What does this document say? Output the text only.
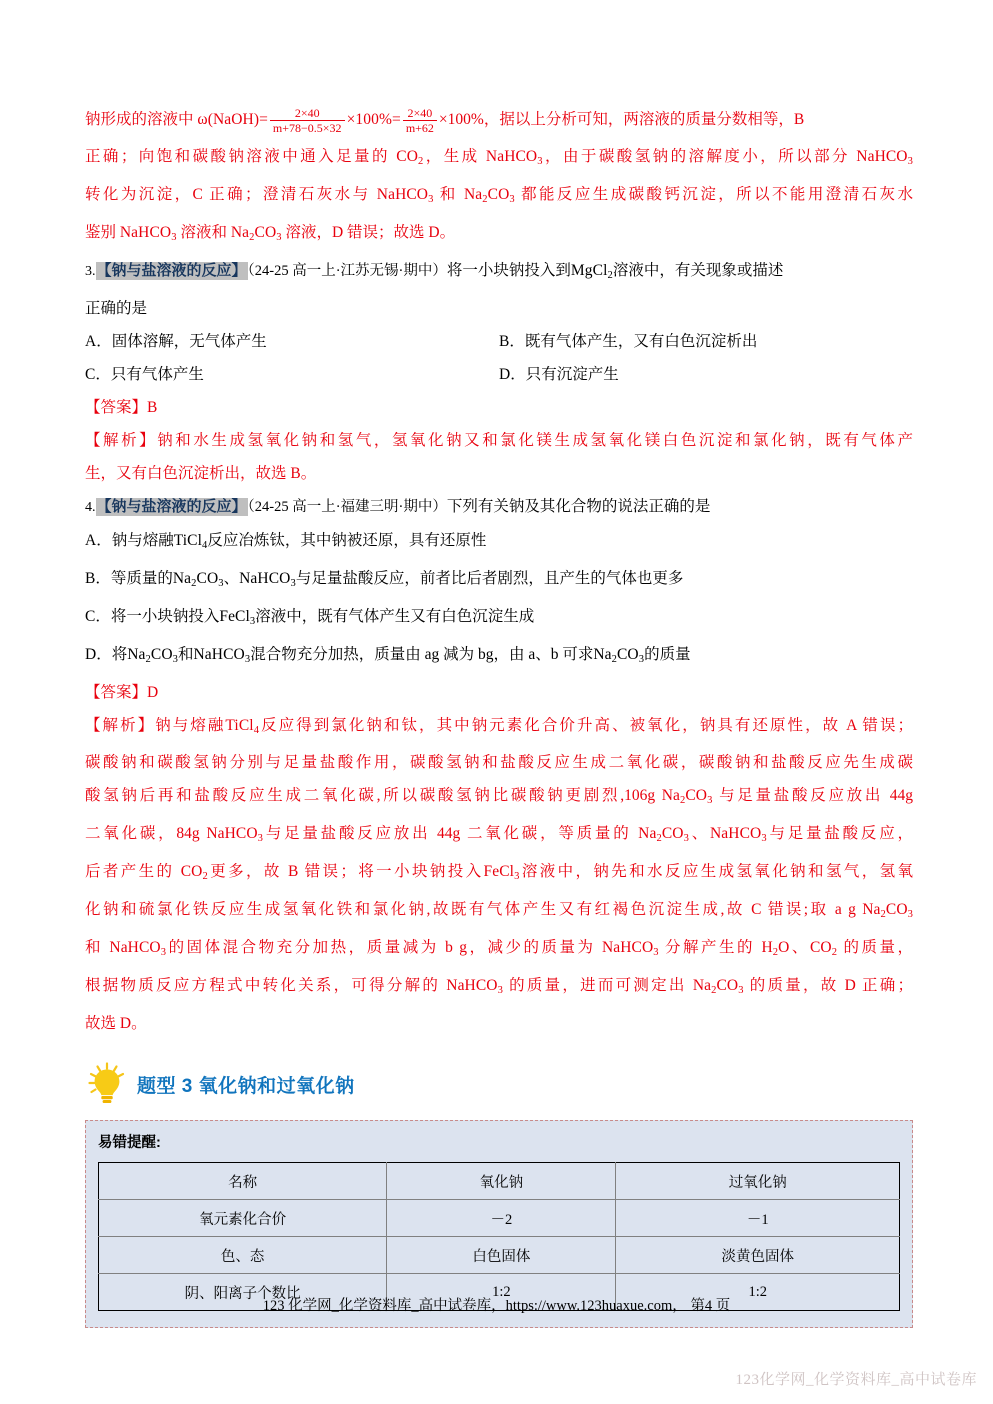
钠形成的溶液中 ω(NaOH)= $\frac{2\times 40}{m+78-0.5\times 32} \times 100\%= \frac{2\times 40}{m+62} \times 100\%$，据以上分析可知，两溶液的质量分数相等，B
正确；向饱和碳酸钠溶液中通入足量的 $CO_2$，生成 NaHCO$_3$，由于碳酸氢钠的溶解度小，所以部分 NaHCO$_3$
转化为沉淀，C 正确；澄清石灰水与 NaHCO$_3$ 和 $Na_2CO_3$ 都能反应生成碳酸钙沉淀，所以不能用澄清石灰水
鉴别 NaHCO$_3$ 溶液和 $Na_2CO_3$ 溶液，D 错误；故选 D。
3.【钠与盐溶液的反应】（24-25 高一上·江苏无锡·期中）将一小块钠投入到MgCl$_2$溶液中，有关现象或描述
正确的是
A．固体溶解，无气体产生	B．既有气体产生，又有白色沉淀析出
C．只有气体产生	D．只有沉淀产生
【答案】B
【解析】钠和水生成氢氧化钠和氢气，氢氧化钠又和氯化镁生成氢氧化镁白色沉淀和氯化钠，既有气体产
生，又有白色沉淀析出，故选 B。
4.【钠与盐溶液的反应】（24-25 高一上·福建三明·期中）下列有关钠及其化合物的说法正确的是
A．钠与熔融TiCl$_4$反应冶炼钛，其中钠被还原，具有还原性
B．等质量的$Na_2CO_3$、NaHCO$_3$与足量盐酸反应，前者比后者剧烈，且产生的气体也更多
C．将一小块钠投入FeCl$_3$溶液中，既有气体产生又有白色沉淀生成
D．将$Na_2CO_3$和NaHCO$_3$混合物充分加热，质量由 ag 减为 bg，由 a、b 可求$Na_2CO_3$的质量
【答案】D
【解析】钠与熔融TiCl$_4$反应得到氯化钠和钛，其中钠元素化合价升高、被氧化，钠具有还原性，故 A 错误；
碳酸钠和碳酸氢钠分别与足量盐酸作用，碳酸氢钠和盐酸反应生成二氧化碳，碳酸钠和盐酸反应先生成碳
酸氢钠后再和盐酸反应生成二氧化碳,所以碳酸氢钠比碳酸钠更剧烈,106g $Na_2CO_3$ 与足量盐酸反应放出 44g
二氧化碳，84g NaHCO$_3$与足量盐酸反应放出 44g 二氧化碳，等质量的 $Na_2CO_3$、NaHCO$_3$与足量盐酸反应，
后者产生的 $CO_2$更多，故 B 错误；将一小块钠投入FeCl$_3$溶液中，钠先和水反应生成氢氧化钠和氢气，氢氧
化钠和硫氯化铁反应生成氢氧化铁和氯化钠,故既有气体产生又有红褐色沉淀生成,故 C 错误;取 a g $Na_2CO_3$
和 NaHCO$_3$的固体混合物充分加热，质量减为 b g，减少的质量为 NaHCO$_3$ 分解产生的 $H_2O$、$CO_2$ 的质量，
根据物质反应方程式中转化关系，可得分解的 NaHCO$_3$ 的质量，进而可测定出 $Na_2CO_3$ 的质量，故 D 正确；
故选 D。
题型 3 氧化钠和过氧化钠
易错提醒:
名称	氧化钠	过氧化钠
氧元素化合价	－2	－1
色、态	白色固体	淡黄色固体
阴、阳离子个数比	1:2	1:2
123 化学网_化学资料库_高中试卷库，https://www.123huaxue.com， 第4 页
123化学网_化学资料库_高中试卷库
